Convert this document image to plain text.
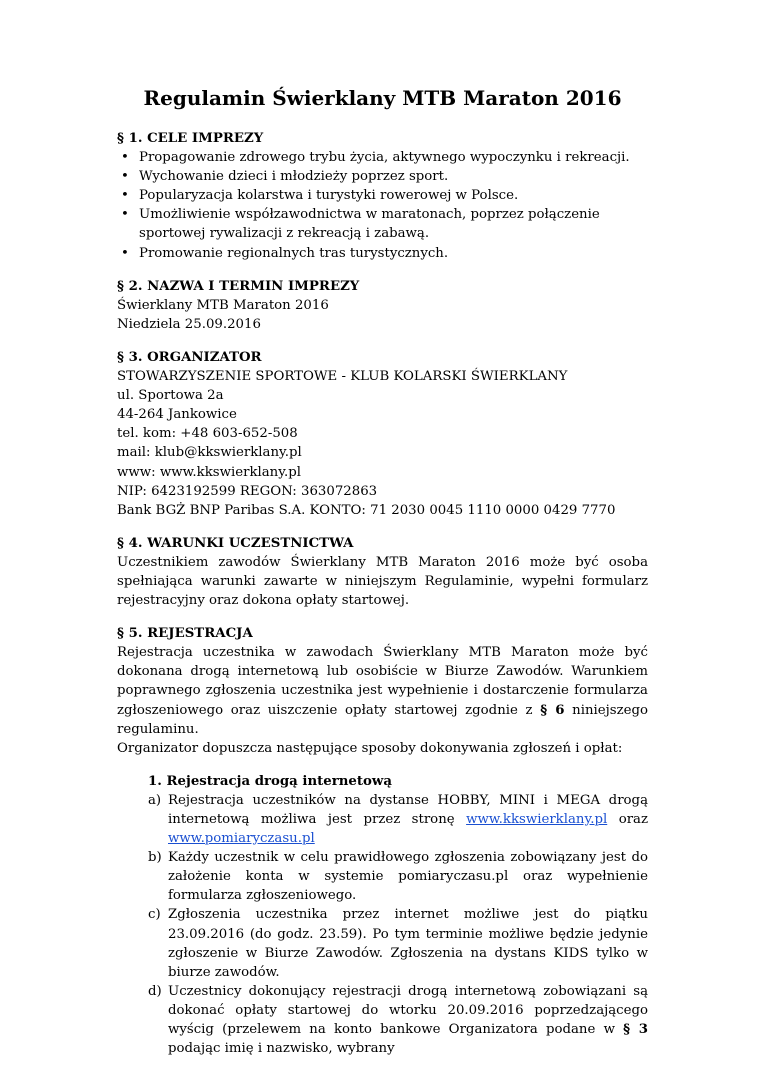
Regulamin Świerklany MTB Maraton 2016

§ 1. CELE IMPREZY

• Propagowanie zdrowego trybu życia, aktywnego wypoczynku i rekreacji.
• Wychowanie dzieci i młodzieży poprzez sport.
• Popularyzacja kolarstwa i turystyki rowerowej w Polsce.
• Umożliwienie współzawodnictwa w maratonach, poprzez połączenie sportowej rywalizacji z rekreacją i zabawą.
• Promowanie regionalnych tras turystycznych.

§ 2. NAZWA I TERMIN IMPREZY

Świerklany MTB Maraton 2016

Niedziela 25.09.2016

§ 3. ORGANIZATOR

STOWARZYSZENIE SPORTOWE - KLUB KOLARSKI ŚWIERKLANY

ul. Sportowa 2a

44-264 Jankowice

tel. kom: +48 603-652-508

mail: klub@kkswierklany.pl

www: www.kkswierklany.pl

NIP: 6423192599 REGON: 363072863

Bank BGŻ BNP Paribas S.A. KONTO: 71 2030 0045 1110 0000 0429 7770

§ 4. WARUNKI UCZESTNICTWA

Uczestnikiem zawodów Świerklany MTB Maraton 2016 może być osoba spełniająca warunki zawarte w niniejszym Regulaminie, wypełni formularz rejestracyjny oraz dokona opłaty startowej.

§ 5. REJESTRACJA

Rejestracja uczestnika w zawodach Świerklany MTB Maraton może być dokonana drogą internetową lub osobiście w Biurze Zawodów. Warunkiem poprawnego zgłoszenia uczestnika jest wypełnienie i dostarczenie formularza zgłoszeniowego oraz uiszczenie opłaty startowej zgodnie z § 6 niniejszego regulaminu.

Organizator dopuszcza następujące sposoby dokonywania zgłoszeń i opłat:

1. Rejestracja drogą internetową

a) Rejestracja uczestników na dystanse HOBBY, MINI i MEGA drogą internetową możliwa jest przez stronę www.kkswierklany.pl oraz www.pomiaryczasu.pl
b) Każdy uczestnik w celu prawidłowego zgłoszenia zobowiązany jest do założenie konta w systemie pomiaryczasu.pl oraz wypełnienie formularza zgłoszeniowego.
c) Zgłoszenia uczestnika przez internet możliwe jest do piątku 23.09.2016 (do godz. 23.59). Po tym terminie możliwe będzie jedynie zgłoszenie w Biurze Zawodów. Zgłoszenia na dystans KIDS tylko w biurze zawodów.
d) Uczestnicy dokonujący rejestracji drogą internetową zobowiązani są dokonać opłaty startowej do wtorku 20.09.2016 poprzedzającego wyścig (przelewem na konto bankowe Organizatora podane w § 3 podając imię i nazwisko, wybrany
